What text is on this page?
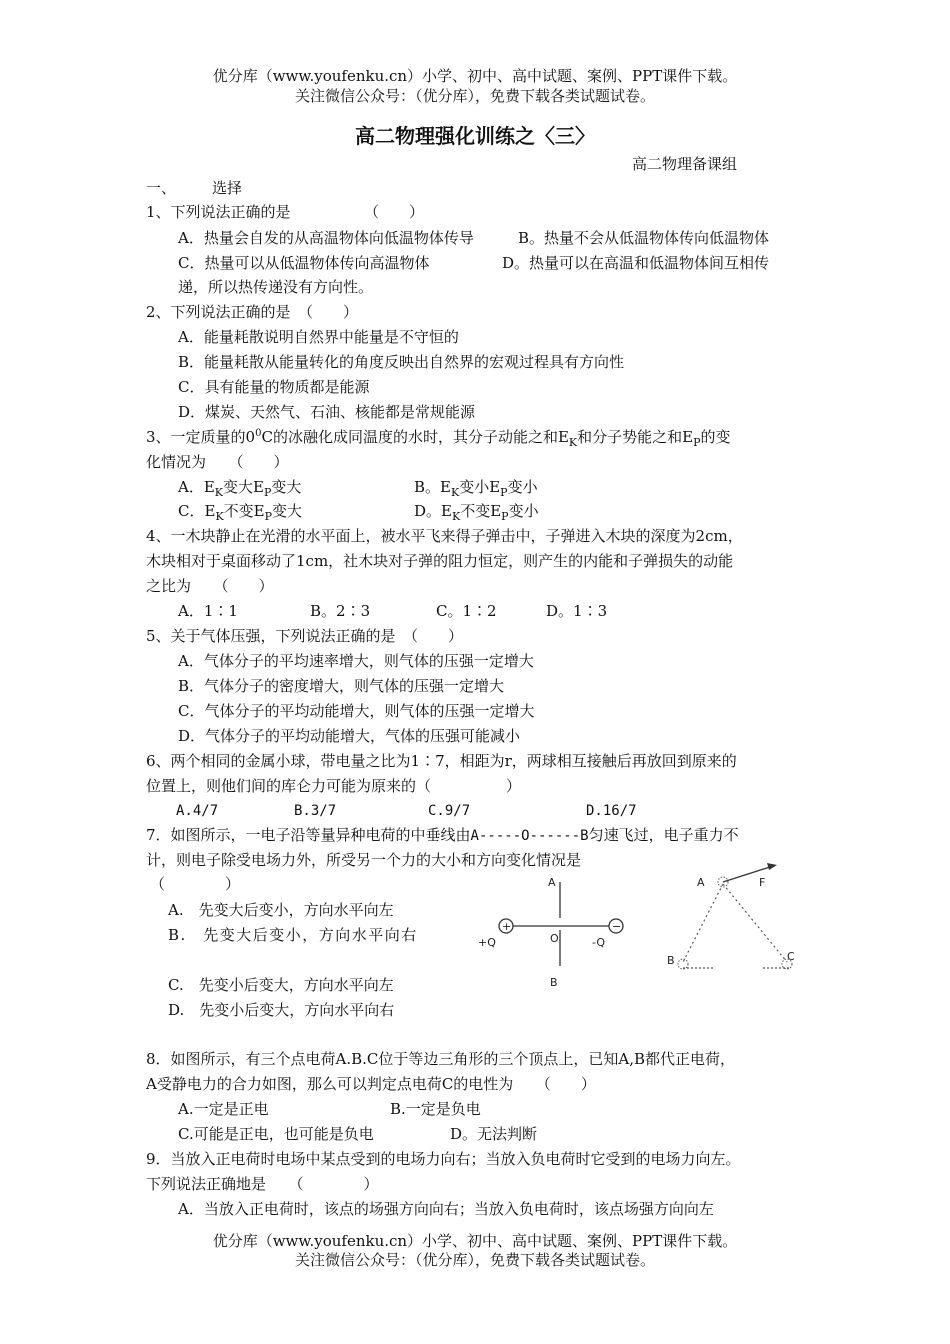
优分库（www.youfenku.cn）小学、初中、高中试题、案例、PPT课件下载。
关注微信公众号：（优分库），免费下载各类试题试卷。
高二物理强化训练之〈三〉
高二物理备课组
一、 选择
1、下列说法正确的是	（　　）
A．热量会自发的从高温物体向低温物体传导	B。热量不会从低温物体传向低温物体
C．热量可以从低温物体传向高温物体	D。热量可以在高温和低温物体间互相传
递，所以热传递没有方向性。
2、下列说法正确的是　（　　）
A．能量耗散说明自然界中能量是不守恒的
B．能量耗散从能量转化的角度反映出自然界的宏观过程具有方向性
C．具有能量的物质都是能源
D．煤炭、天然气、石油、核能都是常规能源
3、一定质量的$0^0C$的冰融化成同温度的水时，其分子动能之和$E_K$和分子势能之和$E_P$的变
化情况为　　（　　）
A．$E_K$变大$E_P$变大	B。$E_K$变小$E_P$变小
C．$E_K$不变$E_P$变大	D。$E_K$不变$E_P$变小
4、一木块静止在光滑的水平面上，被水平飞来得子弹击中，子弹进入木块的深度为2cm，
木块相对于桌面移动了1cm，社木块对子弹的阻力恒定，则产生的内能和子弹损失的动能
之比为　　（　　）
A．1∶1	B。2∶3	C。1∶2	D。1∶3
5、关于气体压强，下列说法正确的是　（　　）
A．气体分子的平均速率增大，则气体的压强一定增大
B．气体分子的密度增大，则气体的压强一定增大
C．气体分子的平均动能增大，则气体的压强一定增大
D．气体分子的平均动能增大，气体的压强可能减小
6、两个相同的金属小球，带电量之比为1∶7，相距为r，两球相互接触后再放回到原来的
位置上，则他们间的库仑力可能为原来的（　　　　　）
A.4/7	B.3/7	C.9/7	D.16/7
7．如图所示，一电子沿等量异种电荷的中垂线由A-----O------B匀速飞过，电子重力不
计，则电子除受电场力外，所受另一个力的大小和方向变化情况是
（　　　　）
A.　先变大后变小，方向水平向左
B.　先变大后变小，方向水平向右
C.　先变小后变大，方向水平向左
D.　先变小后变大，方向水平向右
+	−
A
O
B
+Q	-Q
A	F
B	C
8．如图所示，有三个点电荷A.B.C位于等边三角形的三个顶点上，已知A,B都代正电荷，
A受静电力的合力如图，那么可以判定点电荷C的电性为　　（　　）
A.一定是正电	B.一定是负电
C.可能是正电，也可能是负电	D。无法判断
9．当放入正电荷时电场中某点受到的电场力向右；当放入负电荷时它受到的电场力向左。
下列说法正确地是　　（　　　　）
A．当放入正电荷时，该点的场强方向向右；当放入负电荷时，该点场强方向向左
优分库（www.youfenku.cn）小学、初中、高中试题、案例、PPT课件下载。
关注微信公众号：（优分库），免费下载各类试题试卷。
